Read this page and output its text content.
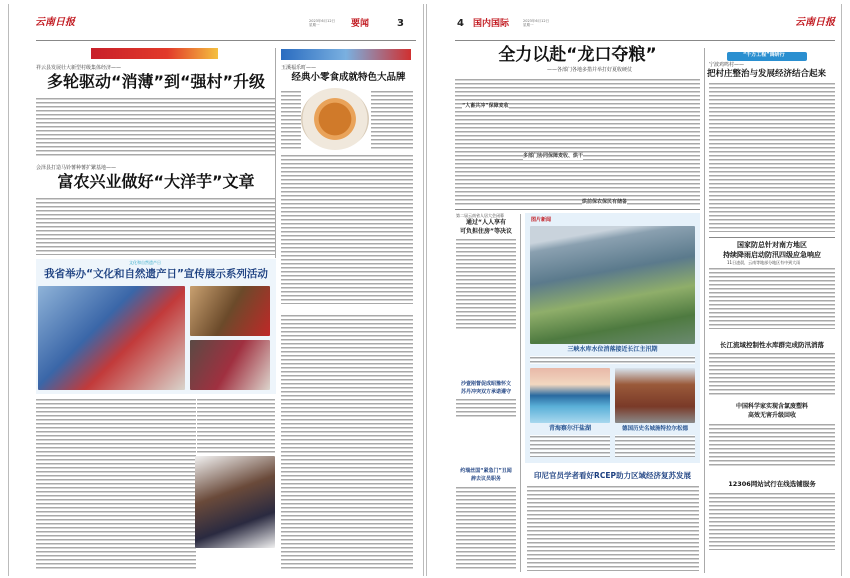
云南日报	2023年6月12日 星期一	要闻	3
祥云县发展壮大新型村级集体经济——
多轮驱动“消薄”到“强村”升级
会泽县打造马铃薯种薯扩繁基地——
富农兴业做好“大洋芋”文章
玉溪福乐町——
经典小零食成就特色大品牌
文化和自然遗产日
我省举办“文化和自然遗产日”宣传展示系列活动
4 国内国际	2023年6月12日 星期一	云南日报
全力以赴“龙口夺粮”
——各部门各地多措并举打好夏收硬仗
“人畜共冲”保障麦收
多部门协同保障麦收、烘干
烘前保农保民有储备
“千万工程”调研行
宁波鸡鸣村——
把村庄整治与发展经济结合起来
国家防总针对南方地区
持续降雨启动防汛四级应急响应
11日凌晨，云南等地部分地区有中到大雨
长江流域控制性水库群完成防汛消落
中国科学家实现含氯废塑料
高效无害升级回收
12306网站试行在线选铺服务
第二届云南省人居大会闭幕
通过“人人享有
可负担住房”等决议
沙壹刚督促成昭豫怀文
苏丹冲突双方承诺遵守
约瑞丝国“紧急门”丑闻
辞去议员职务
图片新闻
三峡水库水位消落接近长江主汛期
青海察尔汗盐湖	德国历史名城施特拉尔松德
印尼官员学者看好RCEP助力区域经济复苏发展
